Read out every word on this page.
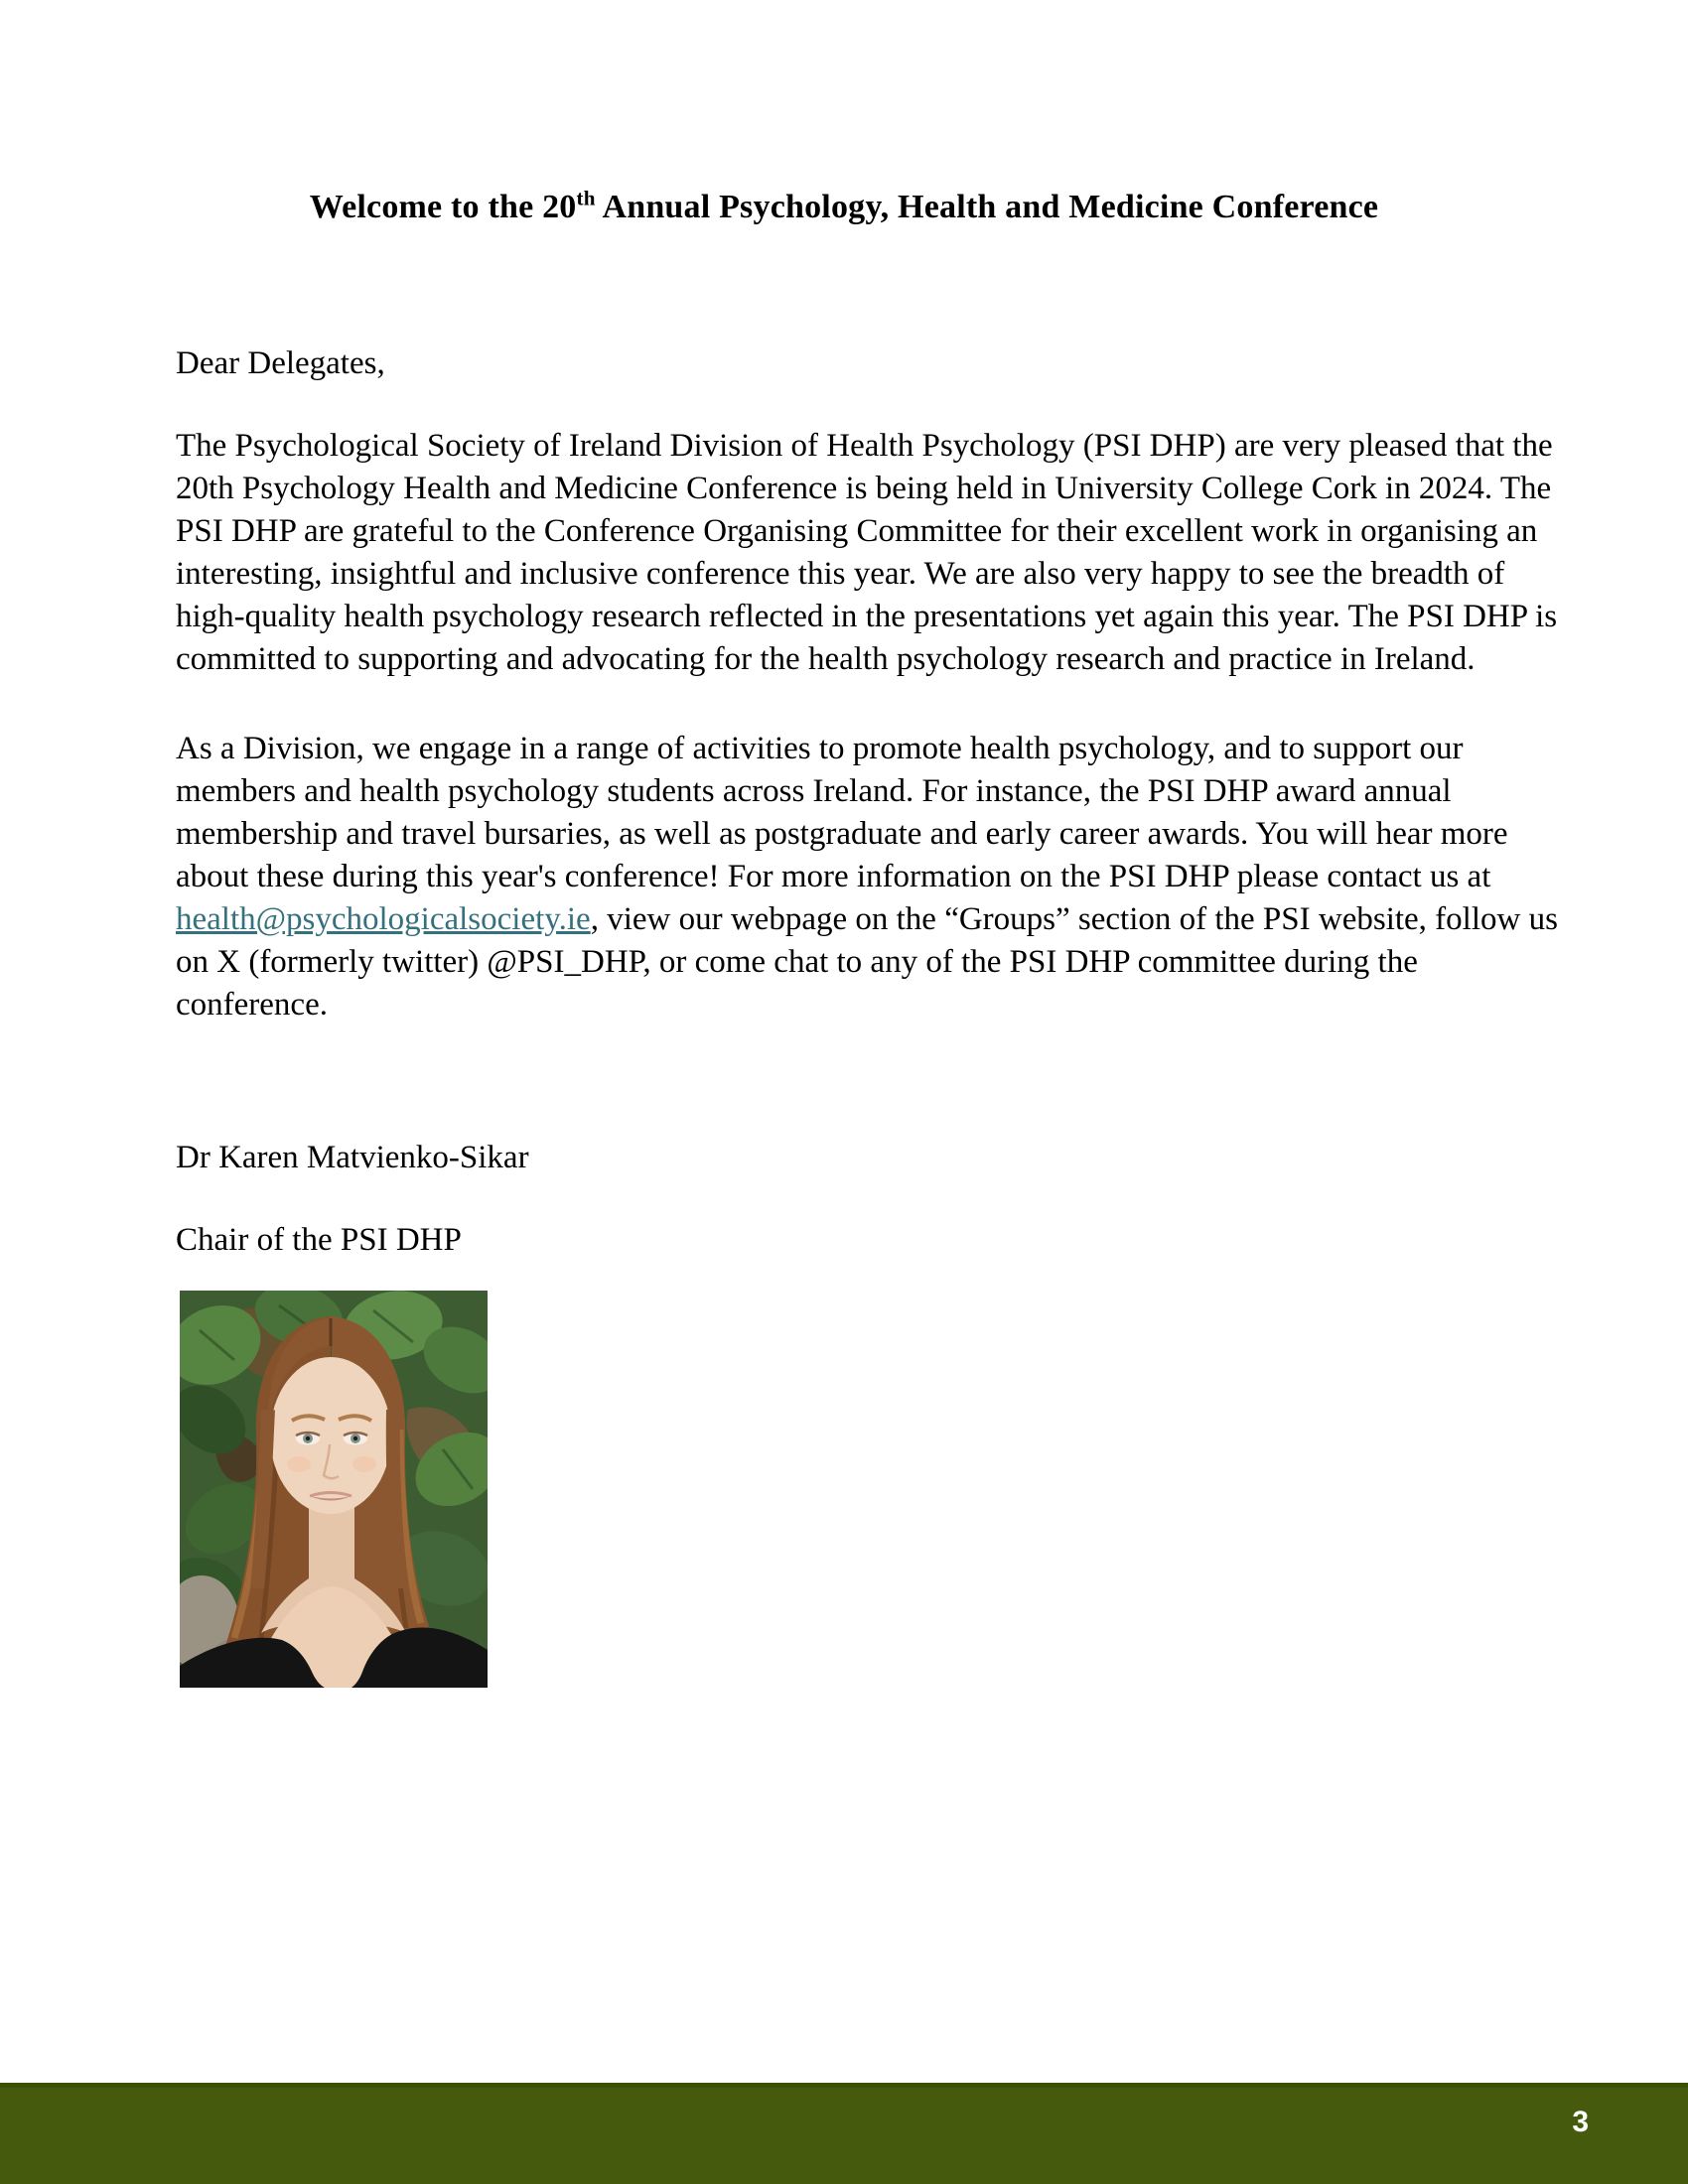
Welcome to the 20th Annual Psychology, Health and Medicine Conference

Dear Delegates,

The Psychological Society of Ireland Division of Health Psychology (PSI DHP) are very pleased that the 20th Psychology Health and Medicine Conference is being held in University College Cork in 2024. The PSI DHP are grateful to the Conference Organising Committee for their excellent work in organising an interesting, insightful and inclusive conference this year. We are also very happy to see the breadth of high-quality health psychology research reflected in the presentations yet again this year. The PSI DHP is committed to supporting and advocating for the health psychology research and practice in Ireland.

As a Division, we engage in a range of activities to promote health psychology, and to support our members and health psychology students across Ireland. For instance, the PSI DHP award annual membership and travel bursaries, as well as postgraduate and early career awards. You will hear more about these during this year's conference! For more information on the PSI DHP please contact us at health@psychologicalsociety.ie, view our webpage on the “Groups” section of the PSI website, follow us on X (formerly twitter) @PSI_DHP, or come chat to any of the PSI DHP committee during the conference.

Dr Karen Matvienko-Sikar

Chair of the PSI DHP

3
